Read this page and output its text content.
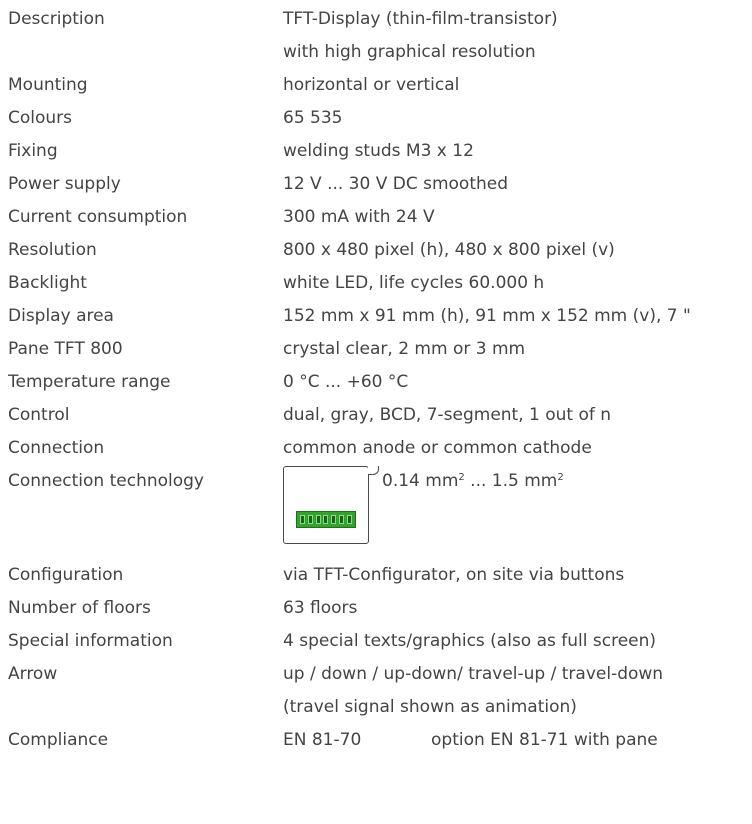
Description	TFT-Display (thin-film-transistor)
with high graphical resolution
Mounting	horizontal or vertical
Colours	65 535
Fixing	welding studs M3 x 12
Power supply	12 V ... 30 V DC smoothed
Current consumption	300 mA with 24 V
Resolution	800 x 480 pixel (h), 480 x 800 pixel (v)
Backlight	white LED, life cycles 60.000 h
Display area	152 mm x 91 mm (h), 91 mm x 152 mm (v), 7 "
Pane TFT 800	crystal clear, 2 mm or 3 mm
Temperature range	0 °C ... +60 °C
Control	dual, gray, BCD, 7-segment, 1 out of n
Connection	common anode or common cathode
Connection technology	0.14 $mm^2$ ... 1.5 $mm^2$
Configuration	via TFT-Configurator, on site via buttons
Number of floors	63 floors
Special information	4 special texts/graphics (also as full screen)
Arrow	up / down / up-down/ travel-up / travel-down
(travel signal shown as animation)
Compliance	EN 81-70	option EN 81-71 with pane
